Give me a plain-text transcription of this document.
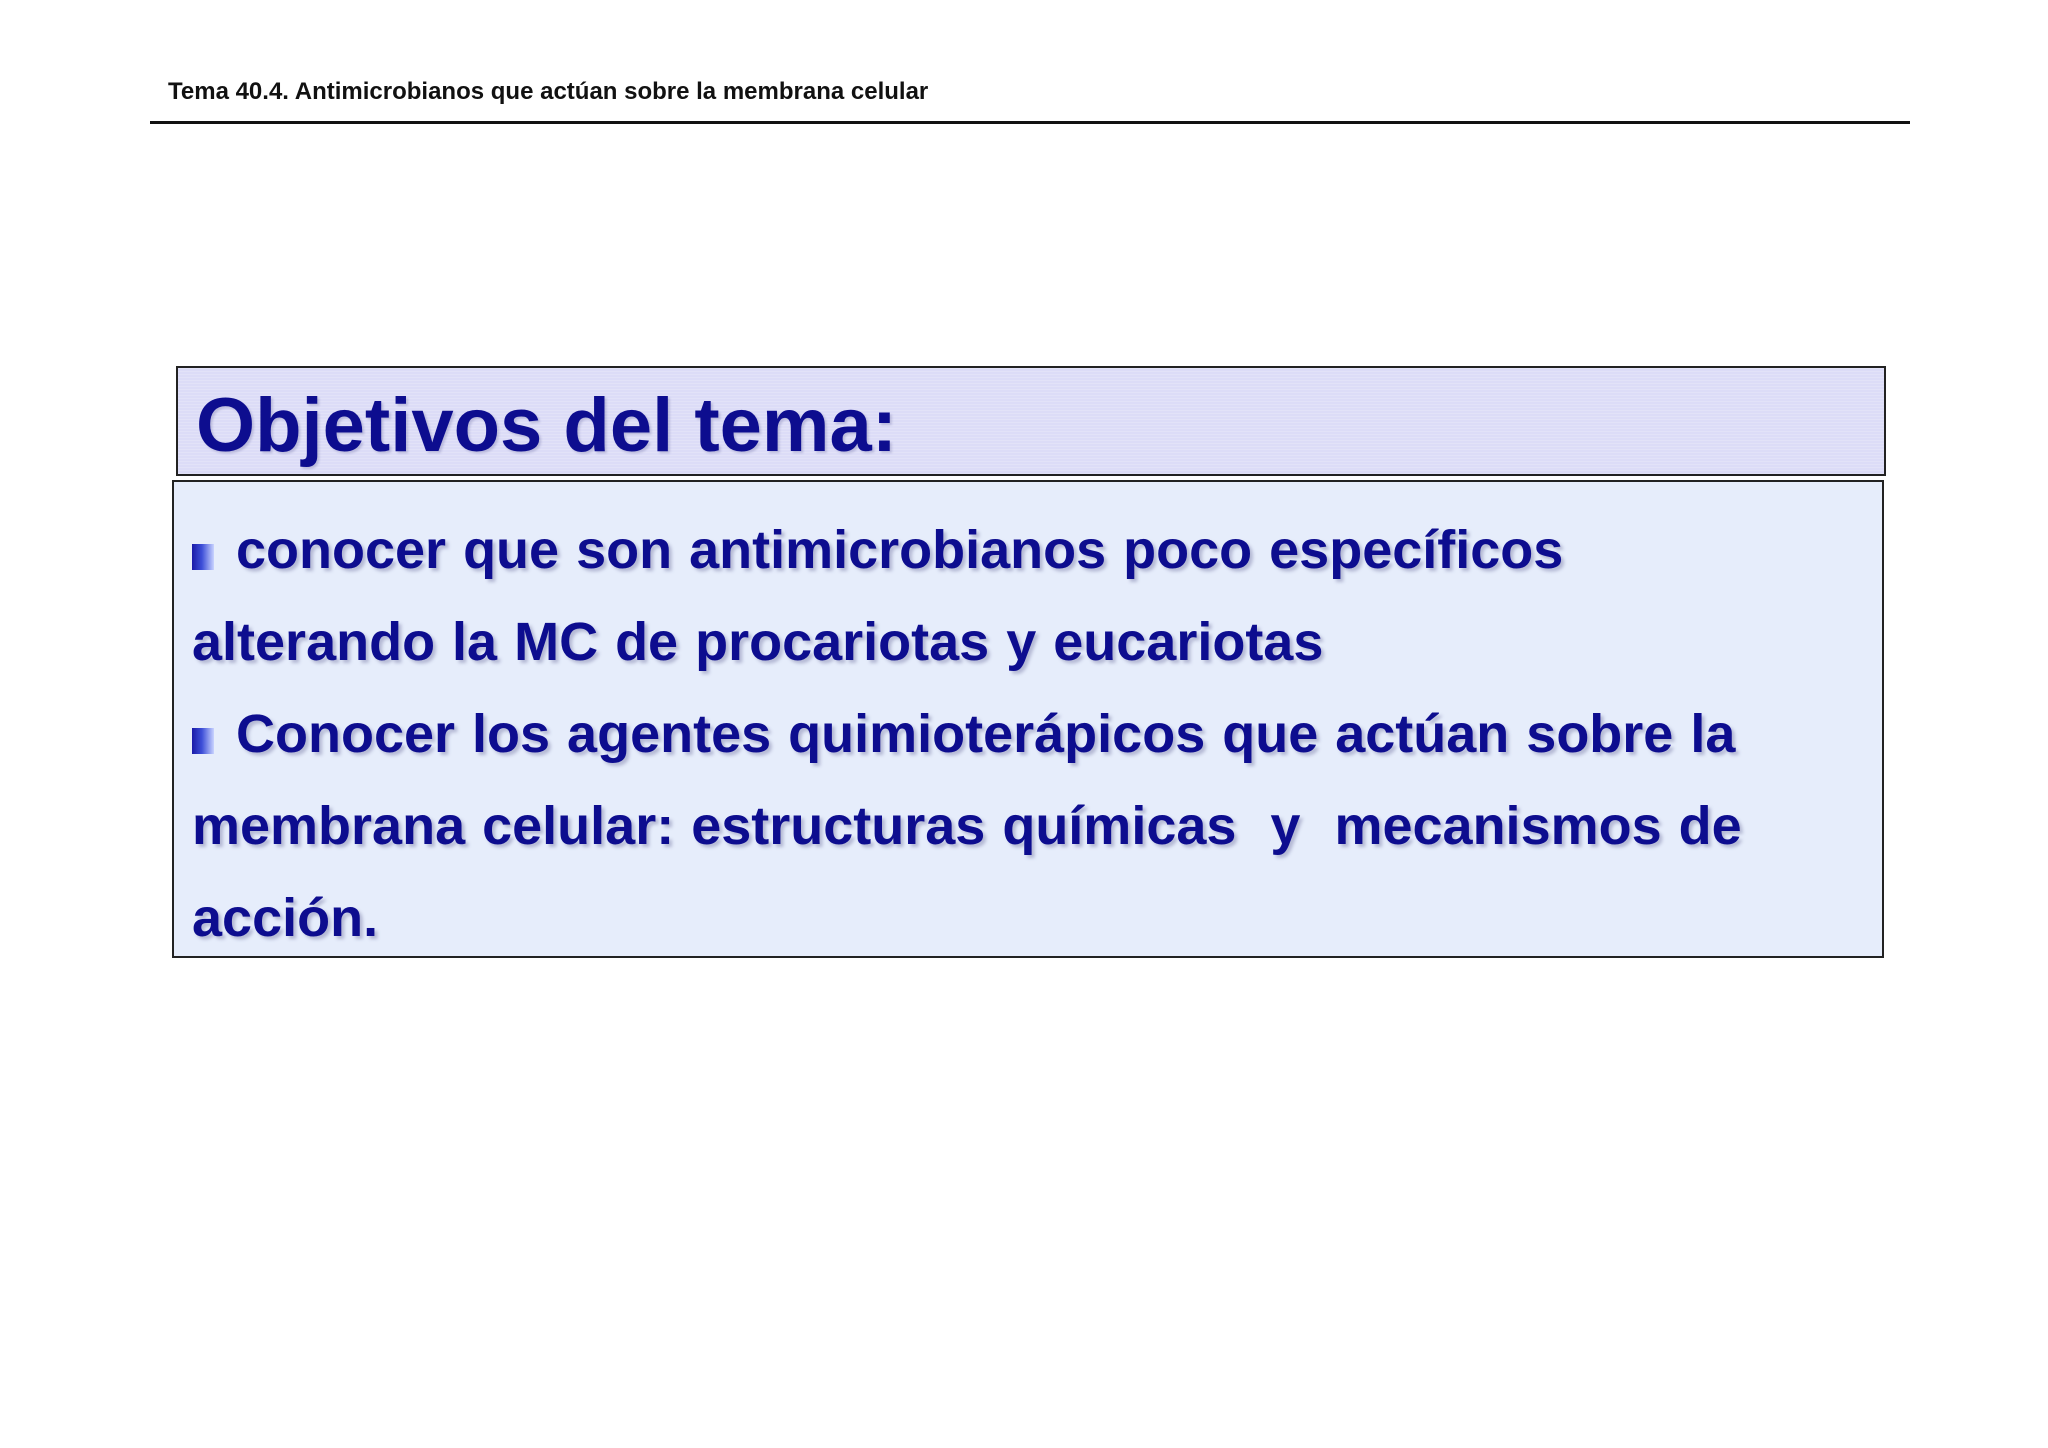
Tema 40.4. Antimicrobianos que actúan sobre la membrana celular
Objetivos del tema:
conocer que son antimicrobianos poco específicos
alterando la MC de procariotas y eucariotas
Conocer los agentes quimioterápicos que actúan sobre la
membrana celular: estructuras químicas  y  mecanismos de
acción.
